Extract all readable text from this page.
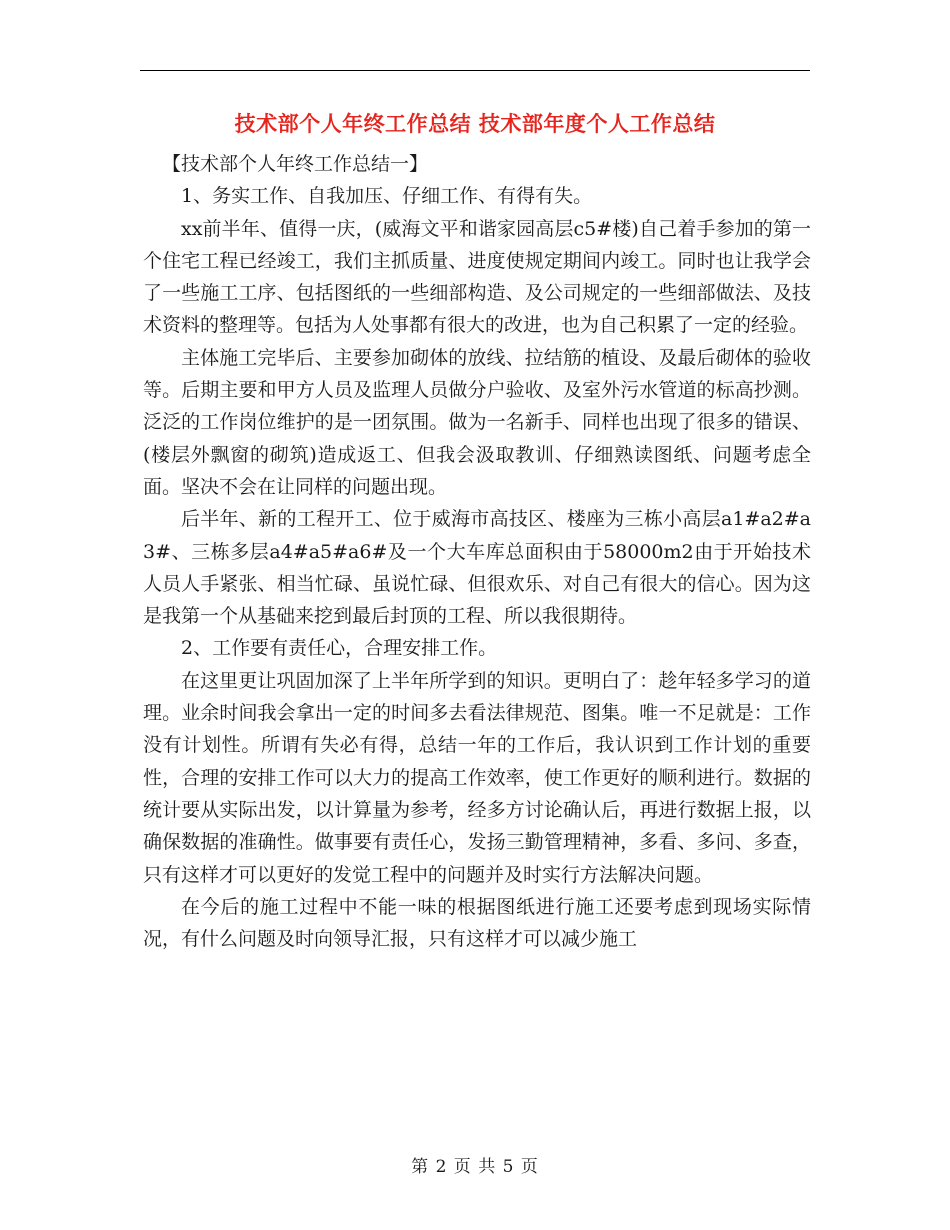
技术部个人年终工作总结 技术部年度个人工作总结

【技术部个人年终工作总结一】

1、务实工作、自我加压、仔细工作、有得有失。

xx前半年、值得一庆，(威海文平和谐家园高层c5#楼)自己着手参加的第一个住宅工程已经竣工，我们主抓质量、进度使规定期间内竣工。同时也让我学会了一些施工工序、包括图纸的一些细部构造、及公司规定的一些细部做法、及技术资料的整理等。包括为人处事都有很大的改进，也为自己积累了一定的经验。

主体施工完毕后、主要参加砌体的放线、拉结筋的植设、及最后砌体的验收等。后期主要和甲方人员及监理人员做分户验收、及室外污水管道的标高抄测。泛泛的工作岗位维护的是一团氛围。做为一名新手、同样也出现了很多的错误、(楼层外飘窗的砌筑)造成返工、但我会汲取教训、仔细熟读图纸、问题考虑全面。坚决不会在让同样的问题出现。

后半年、新的工程开工、位于威海市高技区、楼座为三栋小高层a1#a2#a3#、三栋多层a4#a5#a6#及一个大车库总面积由于58000m2由于开始技术人员人手紧张、相当忙碌、虽说忙碌、但很欢乐、对自己有很大的信心。因为这是我第一个从基础来挖到最后封顶的工程、所以我很期待。

2、工作要有责任心，合理安排工作。

在这里更让巩固加深了上半年所学到的知识。更明白了：趁年轻多学习的道理。业余时间我会拿出一定的时间多去看法律规范、图集。唯一不足就是：工作没有计划性。所谓有失必有得，总结一年的工作后，我认识到工作计划的重要性，合理的安排工作可以大力的提高工作效率，使工作更好的顺利进行。数据的统计要从实际出发，以计算量为参考，经多方讨论确认后，再进行数据上报，以确保数据的准确性。做事要有责任心，发扬三勤管理精神，多看、多问、多查，只有这样才可以更好的发觉工程中的问题并及时实行方法解决问题。

在今后的施工过程中不能一味的根据图纸进行施工还要考虑到现场实际情况，有什么问题及时向领导汇报，只有这样才可以减少施工

第 2 页 共 5 页
